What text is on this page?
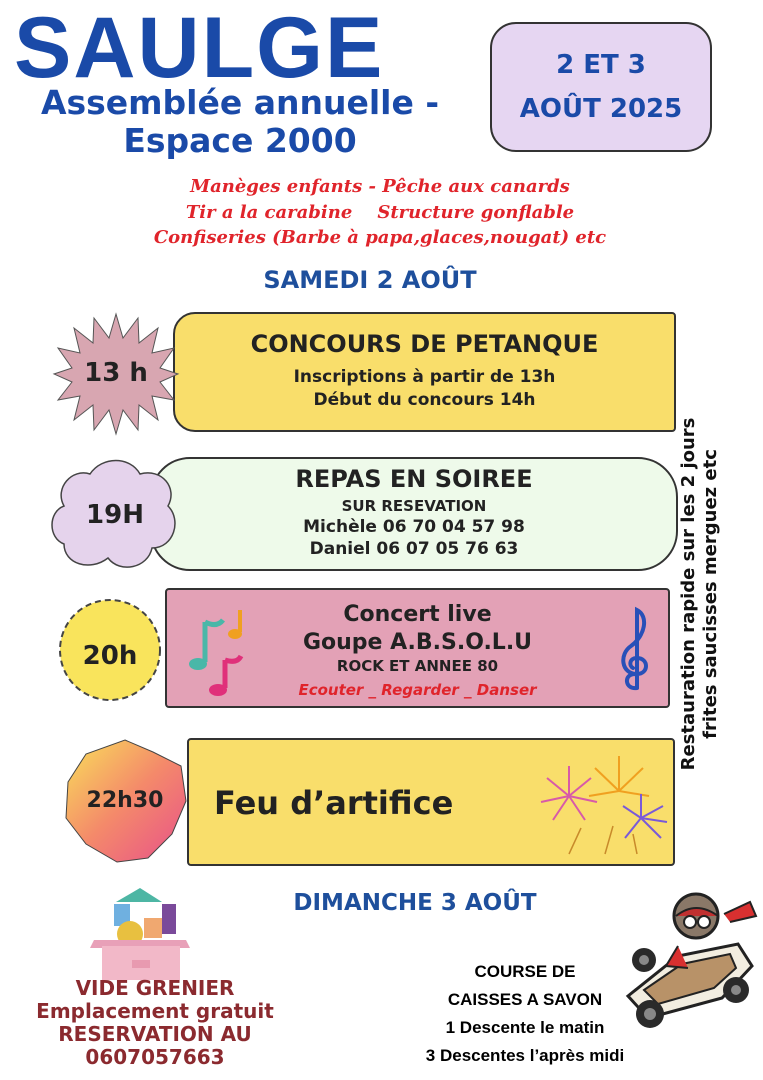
SAULGE
Assemblée annuelle -
Espace 2000
2 ET 3
AOÛT 2025
Manèges enfants - Pêche aux canards
Tir a la carabine Structure gonflable
Confiseries (Barbe à papa,glaces,nougat) etc
SAMEDI 2 AOÛT
CONCOURS DE PETANQUE
Inscriptions à partir de 13h
Début du concours 14h
13 h
REPAS EN SOIREE
SUR RESEVATION
Michèle 06 70 04 57 98
Daniel 06 07 05 76 63
19H
Concert live
Goupe A.B.S.O.L.U
ROCK ET ANNEE 80
Ecouter _ Regarder _ Danser
20h
Feu d’artifice
22h30
Restauration rapide sur les 2 jours frites saucisses merguez etc
DIMANCHE 3 AOÛT
VIDE GRENIER
Emplacement gratuit
RESERVATION AU
0607057663
COURSE DE
CAISSES A SAVON
1 Descente le matin
3 Descentes l’après midi
